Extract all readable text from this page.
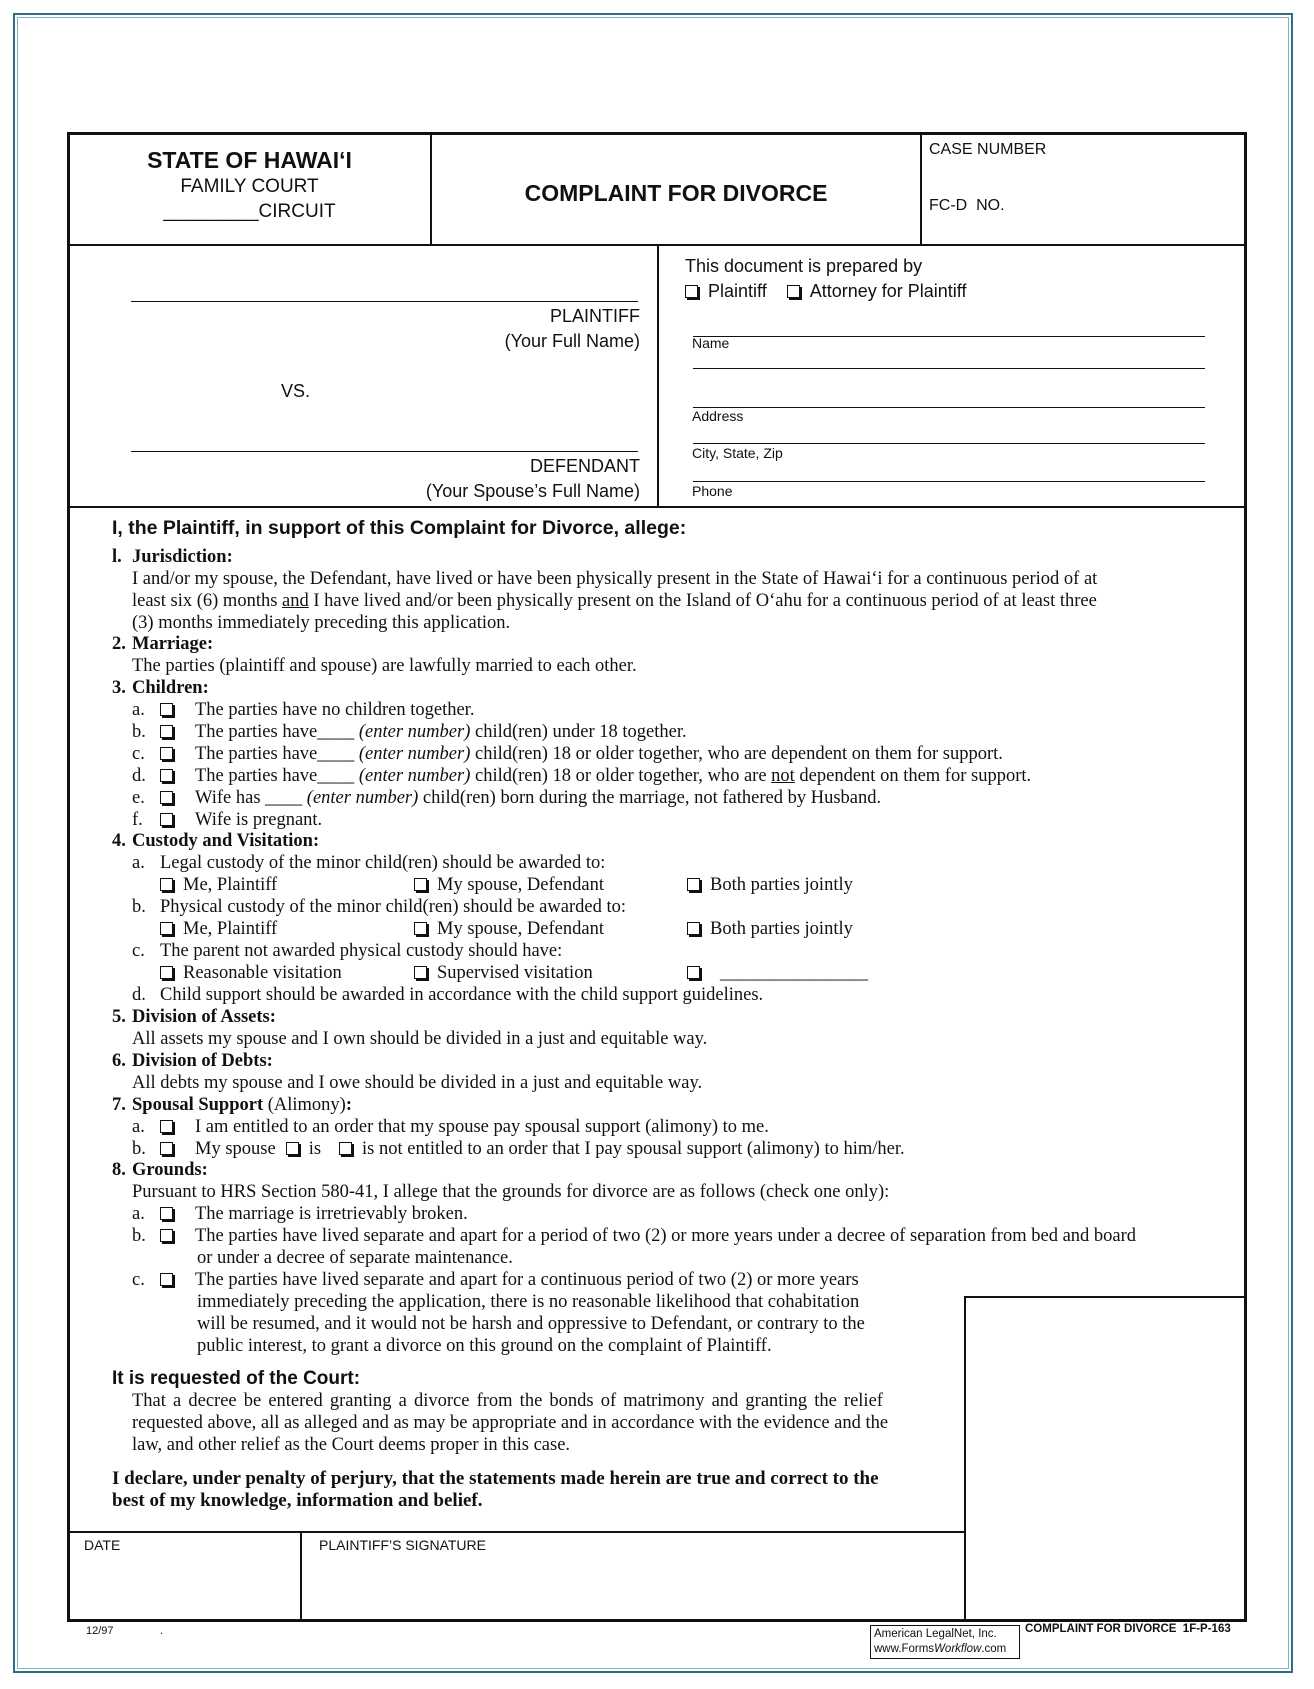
STATE OF HAWAI‘I
FAMILY COURT
_________CIRCUIT
COMPLAINT FOR DIVORCE
CASE NUMBER
FC-D  NO.
PLAINTIFF
(Your Full Name)
VS.
DEFENDANT
(Your Spouse’s Full Name)
This document is prepared by
Plaintiff Attorney for Plaintiff
Name
Address
City, State, Zip
Phone
I, the Plaintiff, in support of this Complaint for Divorce, allege:
l. Jurisdiction:
I and/or my spouse, the Defendant, have lived or have been physically present in the State of Hawai‘i for a continuous period of at
least six (6) months and I have lived and/or been physically present on the Island of O‘ahu for a continuous period of at least three
(3) months immediately preceding this application.
2. Marriage:
The parties (plaintiff and spouse) are lawfully married to each other.
3. Children:
a.	The parties have no children together.
b.	The parties have____ (enter number) child(ren) under 18 together.
c.	The parties have____ (enter number) child(ren) 18 or older together, who are dependent on them for support.
d.	The parties have____ (enter number) child(ren) 18 or older together, who are not dependent on them for support.
e.	Wife has ____ (enter number) child(ren) born during the marriage, not fathered by Husband.
f.	Wife is pregnant.
4. Custody and Visitation:
a. Legal custody of the minor child(ren) should be awarded to:
Me, Plaintiff	My spouse, Defendant	Both parties jointly
b. Physical custody of the minor child(ren) should be awarded to:
Me, Plaintiff	My spouse, Defendant	Both parties jointly
c. The parent not awarded physical custody should have:
Reasonable visitation	Supervised visitation	________________
d. Child support should be awarded in accordance with the child support guidelines.
5. Division of Assets:
All assets my spouse and I own should be divided in a just and equitable way.
6. Division of Debts:
All debts my spouse and I owe should be divided in a just and equitable way.
7. Spousal Support (Alimony):
a.	I am entitled to an order that my spouse pay spousal support (alimony) to me.
b.	My spouse is is not entitled to an order that I pay spousal support (alimony) to him/her.
8. Grounds:
Pursuant to HRS Section 580-41, I allege that the grounds for divorce are as follows (check one only):
a.	The marriage is irretrievably broken.
b.	The parties have lived separate and apart for a period of two (2) or more years under a decree of separation from bed and board
or under a decree of separate maintenance.
c.	The parties have lived separate and apart for a continuous period of two (2) or more years
immediately preceding the application, there is no reasonable likelihood that cohabitation
will be resumed, and it would not be harsh and oppressive to Defendant, or contrary to the
public interest, to grant a divorce on this ground on the complaint of Plaintiff.
It is requested of the Court:
That a decree be entered granting a divorce from the bonds of matrimony and granting the relief
requested above, all as alleged and as may be appropriate and in accordance with the evidence and the
law, and other relief as the Court deems proper in this case.
I declare, under penalty of perjury, that the statements made herein are true and correct to the
best of my knowledge, information and belief.
DATE	PLAINTIFF’S SIGNATURE
12/97	.	American LegalNet, Inc.
www.FormsWorkflow.com
COMPLAINT FOR DIVORCE  1F-P-163
